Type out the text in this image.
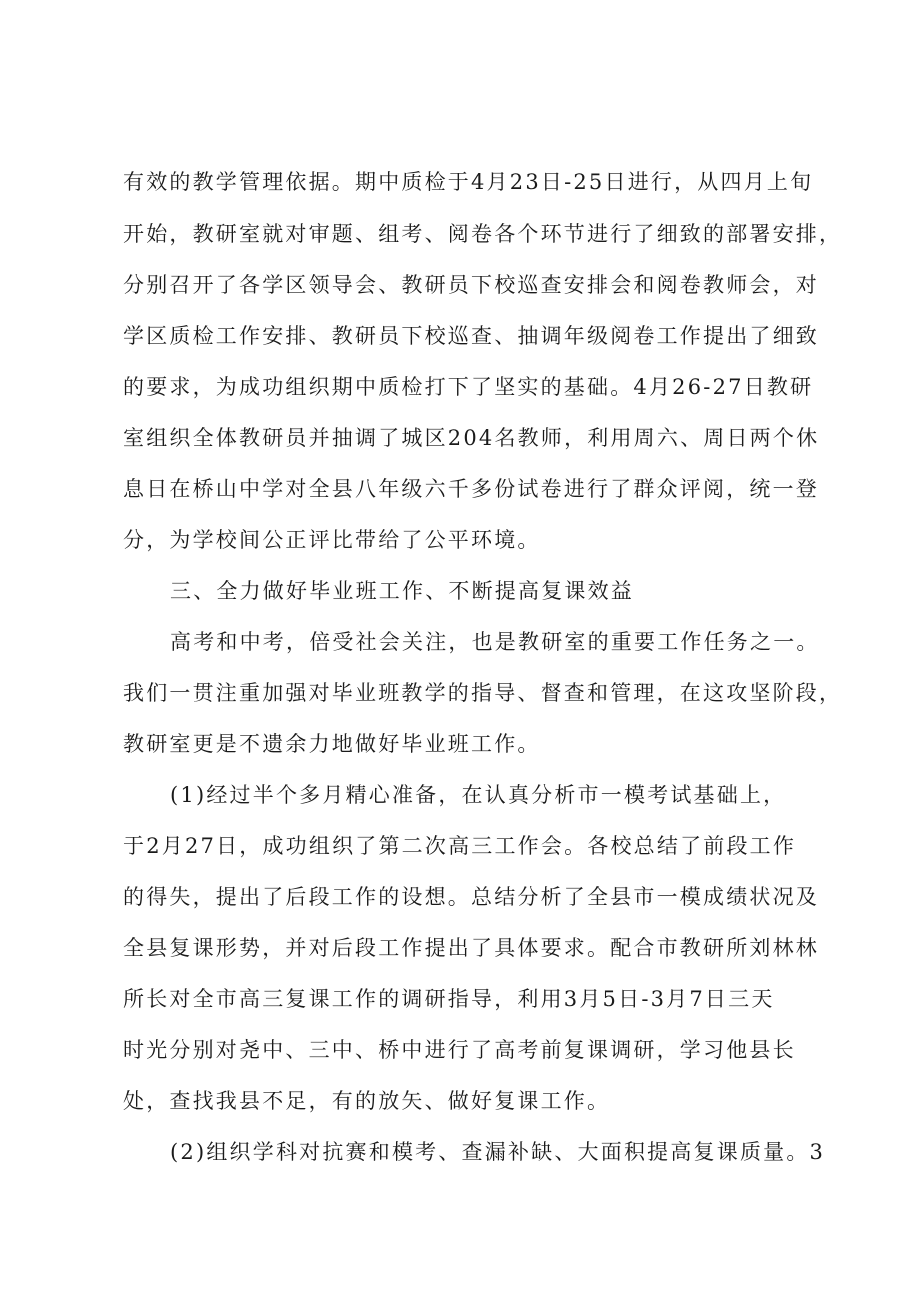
有效的教学管理依据。期中质检于4月23日-25日进行，从四月上旬
开始，教研室就对审题、组考、阅卷各个环节进行了细致的部署安排，
分别召开了各学区领导会、教研员下校巡查安排会和阅卷教师会，对
学区质检工作安排、教研员下校巡查、抽调年级阅卷工作提出了细致
的要求，为成功组织期中质检打下了坚实的基础。4月26-27日教研
室组织全体教研员并抽调了城区204名教师，利用周六、周日两个休
息日在桥山中学对全县八年级六千多份试卷进行了群众评阅，统一登
分，为学校间公正评比带给了公平环境。
三、全力做好毕业班工作、不断提高复课效益
高考和中考，倍受社会关注，也是教研室的重要工作任务之一。
我们一贯注重加强对毕业班教学的指导、督查和管理，在这攻坚阶段，
教研室更是不遗余力地做好毕业班工作。
(1)经过半个多月精心准备，在认真分析市一模考试基础上，
于2月27日，成功组织了第二次高三工作会。各校总结了前段工作
的得失，提出了后段工作的设想。总结分析了全县市一模成绩状况及
全县复课形势，并对后段工作提出了具体要求。配合市教研所刘林林
所长对全市高三复课工作的调研指导，利用3月5日-3月7日三天
时光分别对尧中、三中、桥中进行了高考前复课调研，学习他县长
处，查找我县不足，有的放矢、做好复课工作。
(2)组织学科对抗赛和模考、查漏补缺、大面积提高复课质量。3
